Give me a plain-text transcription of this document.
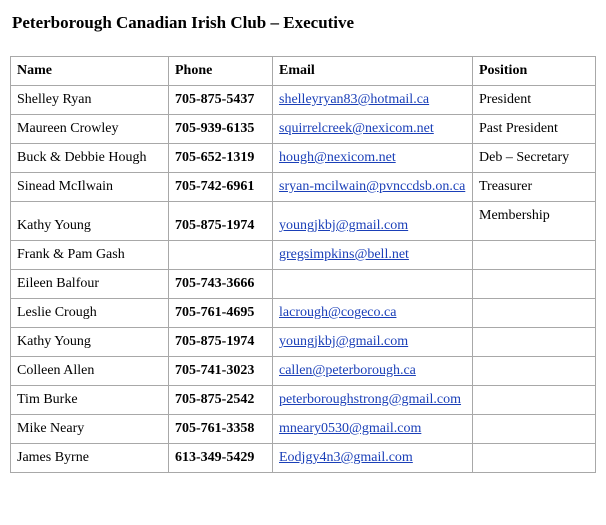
Peterborough Canadian Irish Club – Executive
Name	Phone	Email	Position
Shelley Ryan	705-875-5437	shelleyryan83@hotmail.ca	President
Maureen Crowley	705-939-6135	squirrelcreek@nexicom.net	Past President
Buck & Debbie Hough	705-652-1319	hough@nexicom.net	Deb – Secretary
Sinead McIlwain	705-742-6961	sryan-mcilwain@pvnccdsb.on.ca	Treasurer

Kathy Young	705-875-1974	youngjkbj@gmail.com	Membership
Frank & Pam Gash		gregsimpkins@bell.net	
Eileen Balfour	705-743-3666		
Leslie Crough	705-761-4695	lacrough@cogeco.ca	
Kathy Young	705-875-1974	youngjkbj@gmail.com	
Colleen Allen	705-741-3023	callen@peterborough.ca	
Tim Burke	705-875-2542	peterboroughstrong@gmail.com	
Mike Neary	705-761-3358	mneary0530@gmail.com	
James Byrne	613-349-5429	Eodjgy4n3@gmail.com	
